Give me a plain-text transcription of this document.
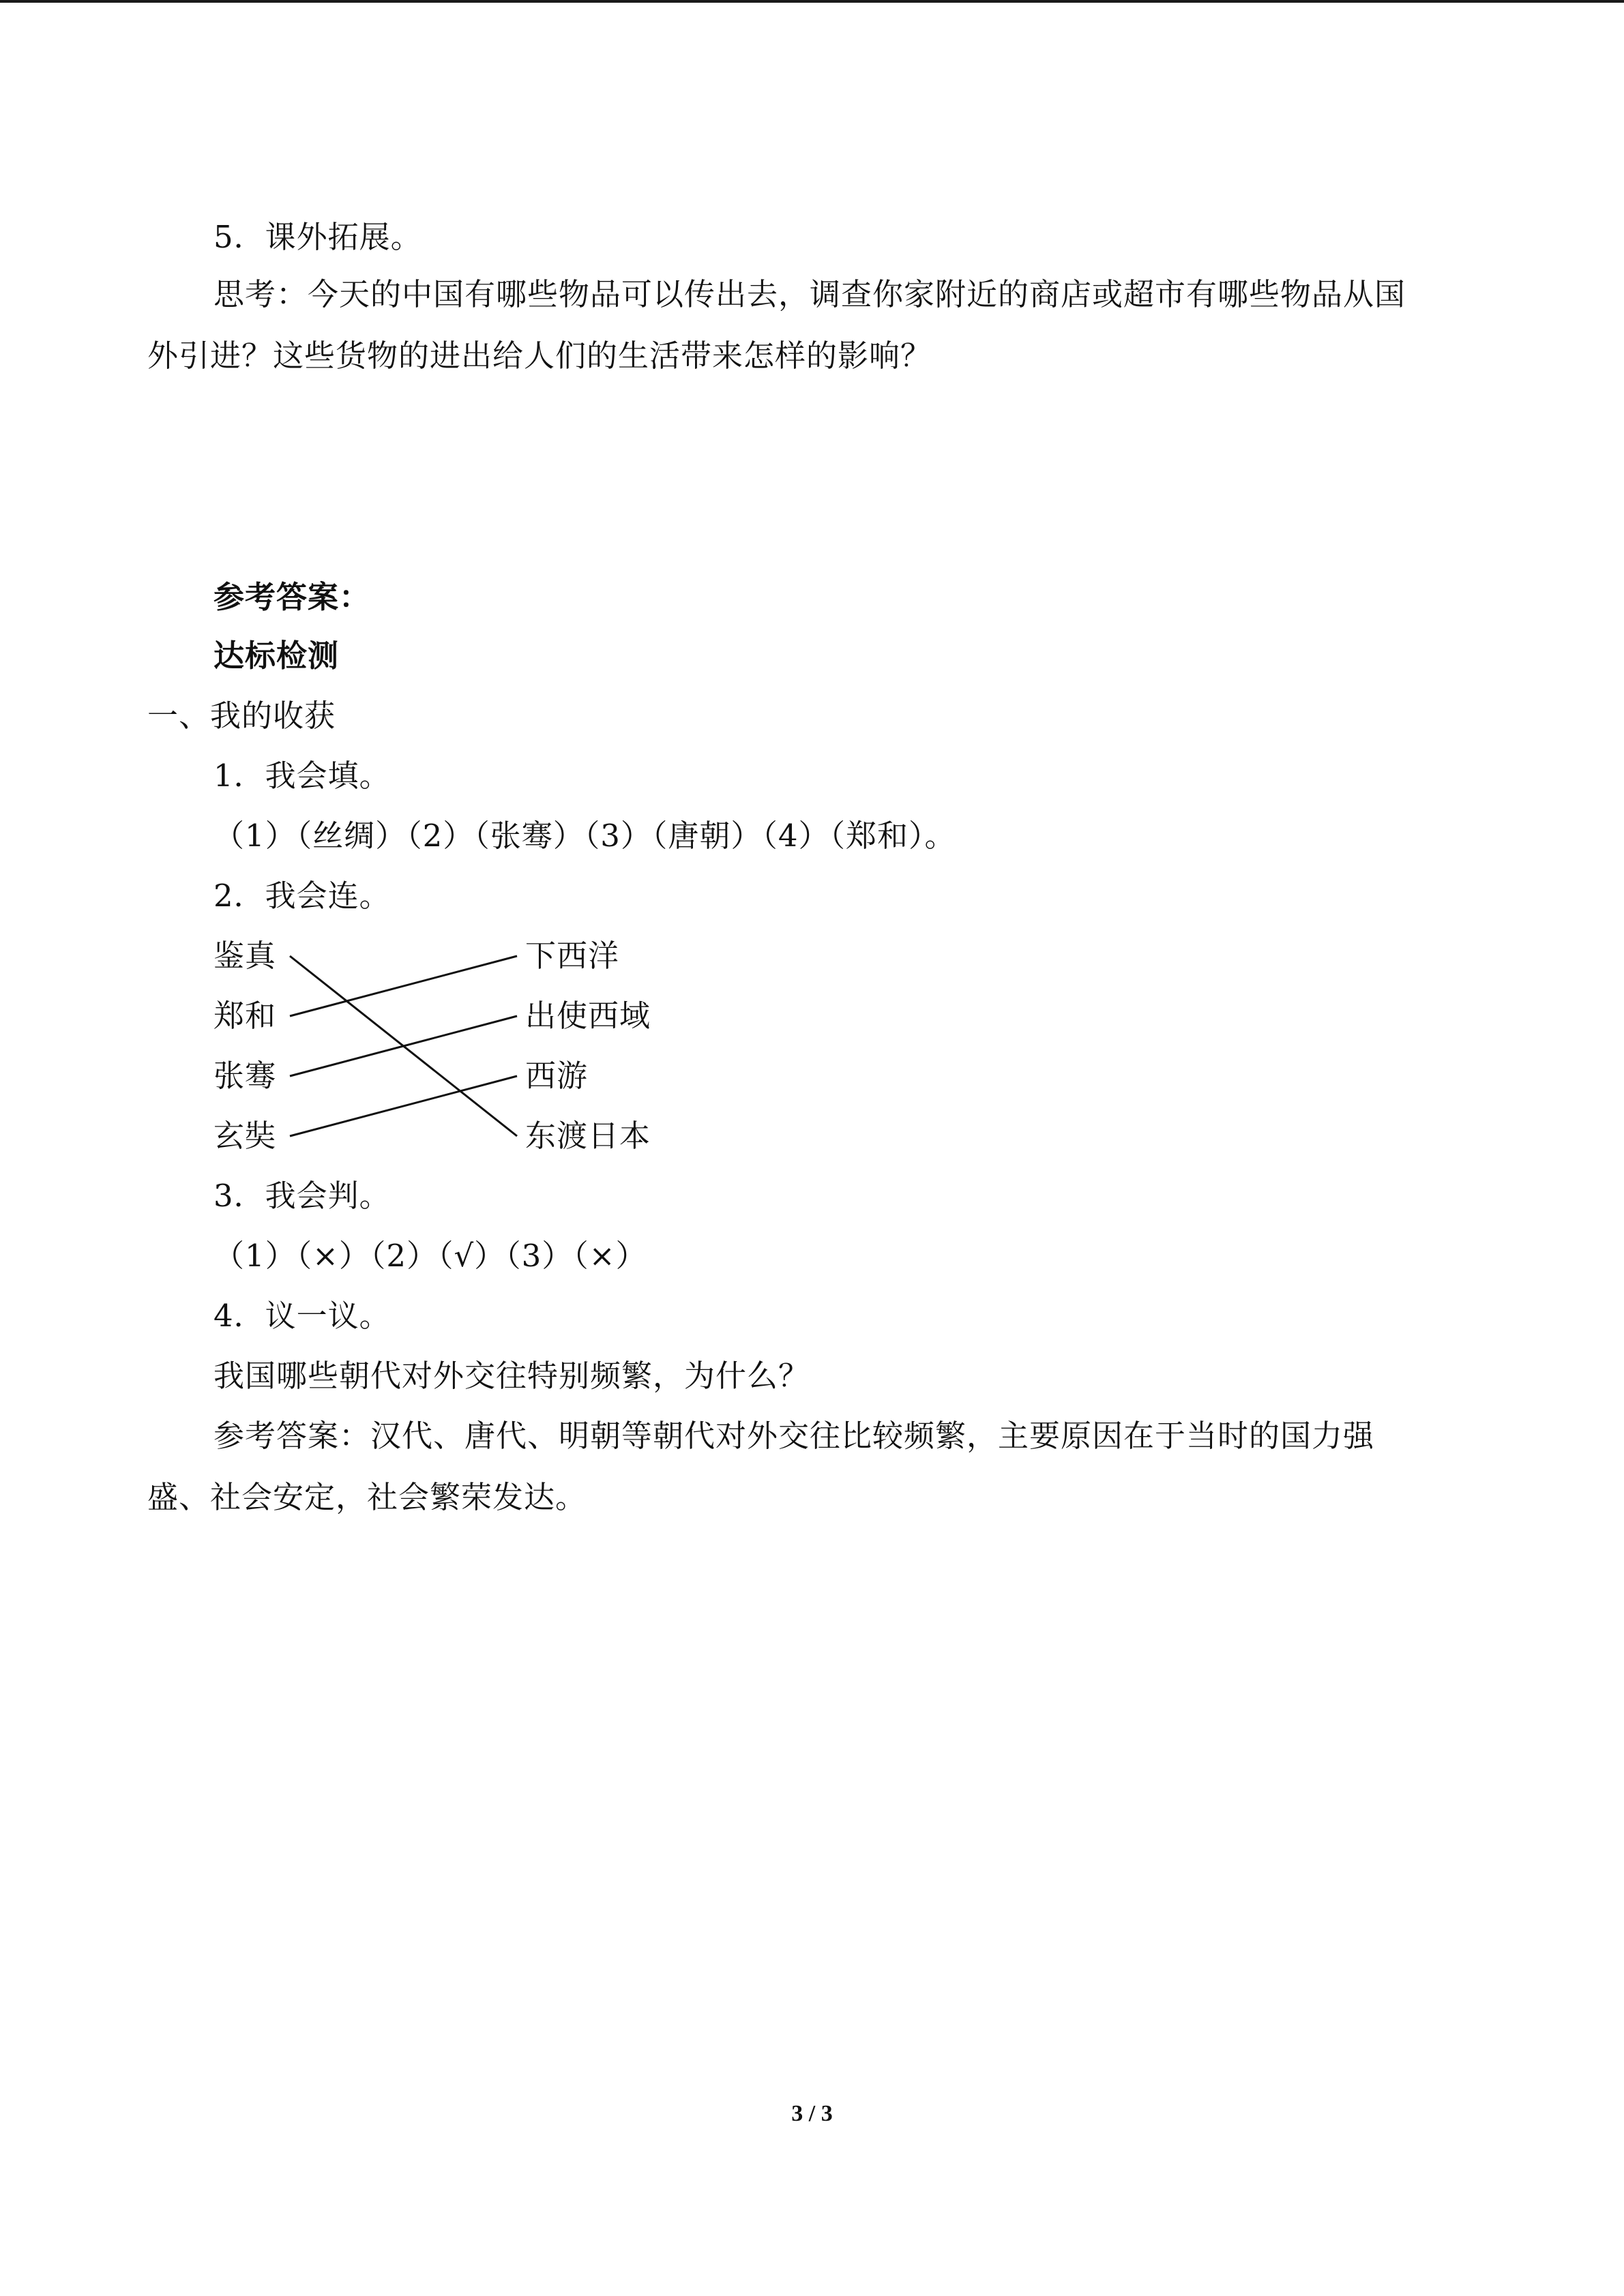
5．课外拓展。
思考：今天的中国有哪些物品可以传出去，调查你家附近的商店或超市有哪些物品从国
外引进？这些货物的进出给人们的生活带来怎样的影响？
参考答案：
达标检测
一、我的收获
1．我会填。
（1）（丝绸）（2）（张骞）（3）（唐朝）（4）（郑和）。
2．我会连。
鉴真
郑和
张骞
玄奘
下西洋
出使西域
西游
东渡日本
3．我会判。
（1）（×）（2）（√）（3）（×）
4．议一议。
我国哪些朝代对外交往特别频繁，为什么？
参考答案：汉代、唐代、明朝等朝代对外交往比较频繁，主要原因在于当时的国力强
盛、社会安定，社会繁荣发达。
3 / 3
